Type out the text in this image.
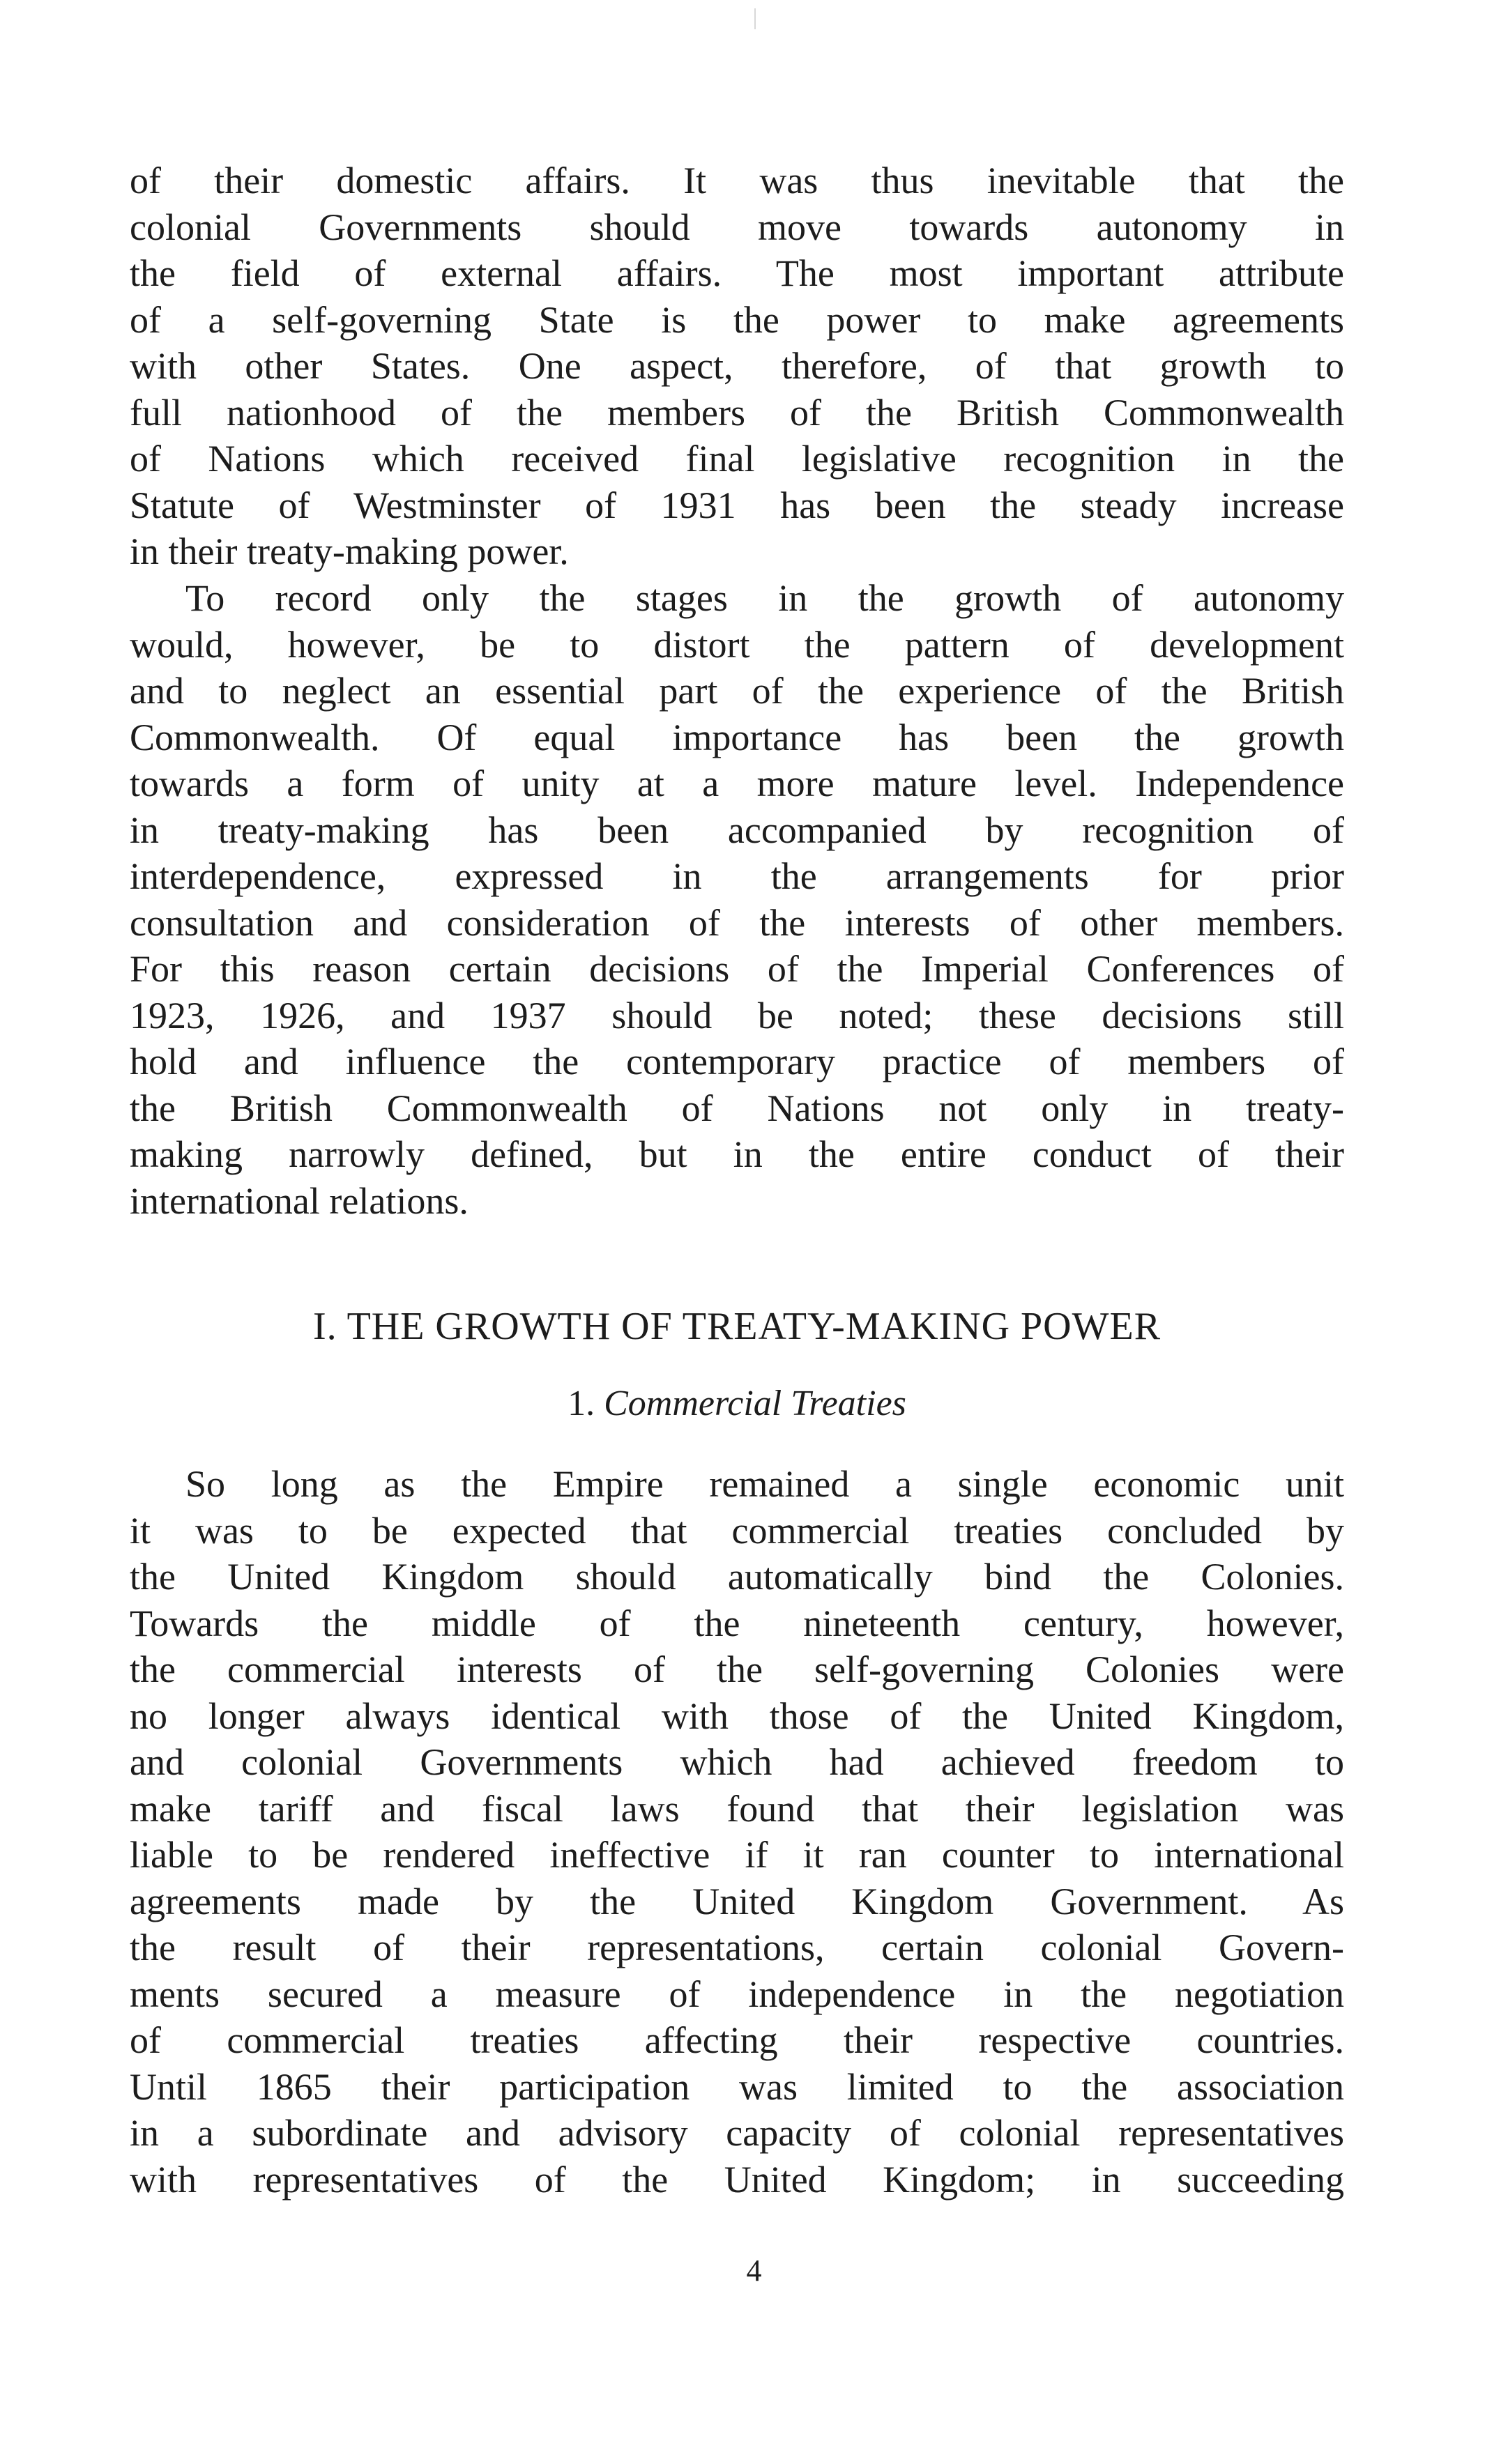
of their domestic affairs. It was thus inevitable that the
colonial Governments should move towards autonomy in
the field of external affairs. The most important attribute
of a self-governing State is the power to make agreements
with other States. One aspect, therefore, of that growth to
full nationhood of the members of the British Commonwealth
of Nations which received final legislative recognition in the
Statute of Westminster of 1931 has been the steady increase
in their treaty-making power.

To record only the stages in the growth of autonomy
would, however, be to distort the pattern of development
and to neglect an essential part of the experience of the British
Commonwealth. Of equal importance has been the growth
towards a form of unity at a more mature level. Independence
in treaty-making has been accompanied by recognition of
interdependence, expressed in the arrangements for prior
consultation and consideration of the interests of other members.
For this reason certain decisions of the Imperial Conferences of
1923, 1926, and 1937 should be noted; these decisions still
hold and influence the contemporary practice of members of
the British Commonwealth of Nations not only in treaty-
making narrowly defined, but in the entire conduct of their
international relations.

I. THE GROWTH OF TREATY-MAKING POWER
1. Commercial Treaties

So long as the Empire remained a single economic unit
it was to be expected that commercial treaties concluded by
the United Kingdom should automatically bind the Colonies.
Towards the middle of the nineteenth century, however,
the commercial interests of the self-governing Colonies were
no longer always identical with those of the United Kingdom,
and colonial Governments which had achieved freedom to
make tariff and fiscal laws found that their legislation was
liable to be rendered ineffective if it ran counter to international
agreements made by the United Kingdom Government. As
the result of their representations, certain colonial Govern-
ments secured a measure of independence in the negotiation
of commercial treaties affecting their respective countries.
Until 1865 their participation was limited to the association
in a subordinate and advisory capacity of colonial representatives
with representatives of the United Kingdom; in succeeding

4
